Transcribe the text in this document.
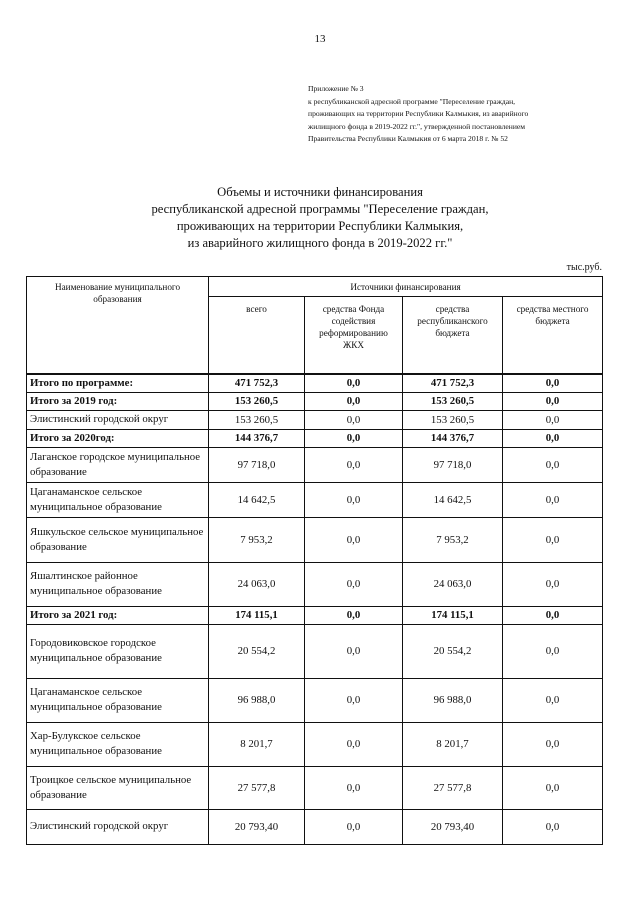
13
Приложение № 3
к республиканской адресной программе "Переселение граждан,
проживающих на территории Республики Калмыкия, из аварийного
жилищного фонда в 2019-2022 гг.", утвержденной постановлением
Правительства Республики Калмыкия от 6 марта 2018 г. № 52
Объемы и источники финансирования
республиканской адресной программы "Переселение граждан,
проживающих на территории Республики Калмыкия,
из аварийного жилищного фонда в 2019-2022 гг."
тыс.руб.
Наименование муниципального образования	Источники финансирования			
	всего	средства Фонда содействия реформированию ЖКХ	средства республиканского бюджета	средства местного бюджета
Итого по программе:	471 752,3	0,0	471 752,3	0,0
Итого за 2019 год:	153 260,5	0,0	153 260,5	0,0
Элистинский городской округ	153 260,5	0,0	153 260,5	0,0
Итого за 2020год:	144 376,7	0,0	144 376,7	0,0
Лаганское городское муниципальное образование	97 718,0	0,0	97 718,0	0,0
Цаганаманское сельское муниципальное образование	14 642,5	0,0	14 642,5	0,0
Яшкульское сельское муниципальное образование	7 953,2	0,0	7 953,2	0,0
Яшалтинское районное муниципальное образование	24 063,0	0,0	24 063,0	0,0
Итого за 2021 год:	174 115,1	0,0	174 115,1	0,0
Городовиковское городское муниципальное образование	20 554,2	0,0	20 554,2	0,0
Цаганаманское сельское муниципальное образование	96 988,0	0,0	96 988,0	0,0
Хар-Булукское сельское муниципальное образование	8 201,7	0,0	8 201,7	0,0
Троицкое сельское муниципальное образование	27 577,8	0,0	27 577,8	0,0
Элистинский городской округ	20 793,40	0,0	20 793,40	0,0
